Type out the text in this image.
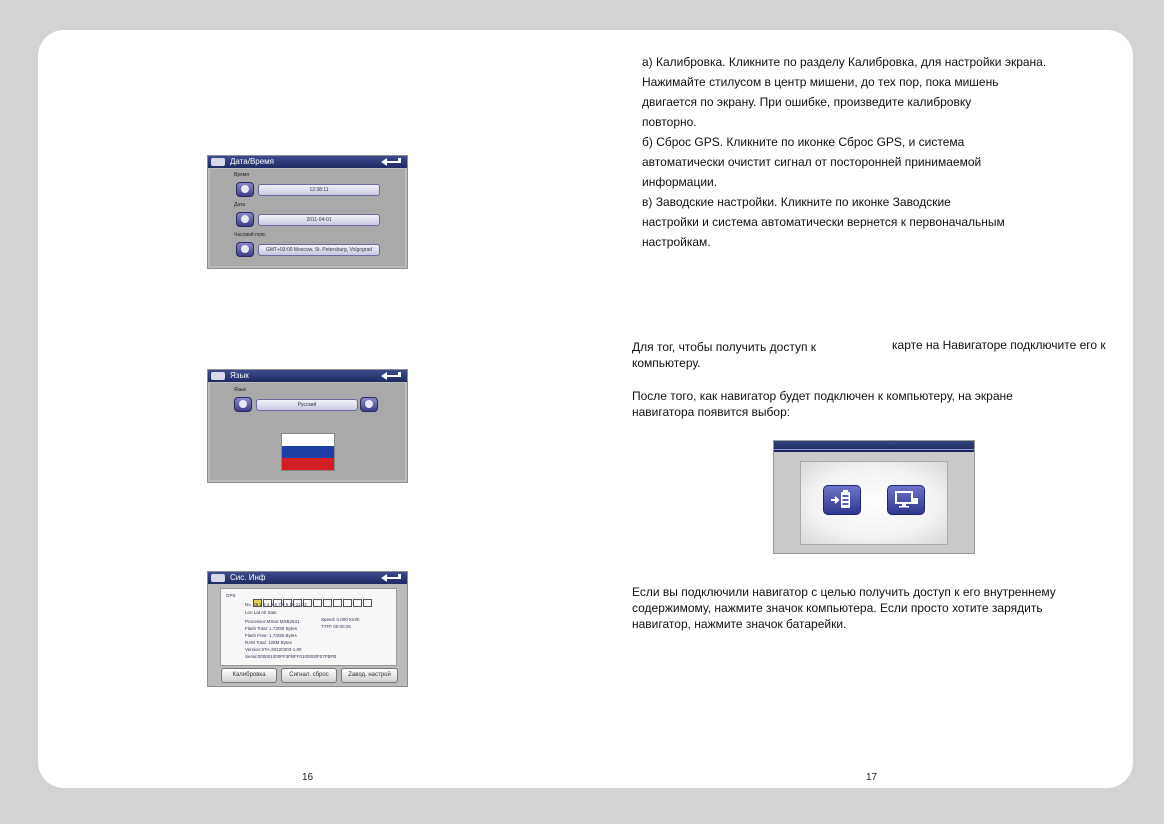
Дата/Время
Время
12:38:11
Дата
2011-04-01
Часовой пояс
GMT+03:00 Moscow, St. Petersburg, Volgograd
Язык
Язык
Русский
Сис. Инф
GPS
No. 26 2 3 4 5 6 7 8 9 10 11 12
Lon Lat Alt Sats
Processor:MStar MSB2531	Speed: 0.000 Km/h
Flash Total: 1.73GB Bytes	TTFF 00:00:25
Flash Free: 1.73GB Bytes
RAM Total: 128M Bytes
Version:STA-20120303-1.00
Serial:000001000FF3FBFF0100000F07FBFB
Калибровка	Сигнал. сброс	Zaвод. настрой
а) Калибровка. Кликните по разделу Калибровка, для настройки экрана.
Нажимайте стилусом в центр мишени, до тех пор, пока мишень
двигается по экрану. При ошибке, произведите калибровку
повторно.
б) Сброс GPS. Кликните по иконке Сброс GPS, и система
автоматически очистит сигнал от посторонней принимаемой
информации.
в) Заводские настройки. Кликните по иконке Заводские
настройки и система автоматически вернется к первоначальным
настройкам.
Для тог, чтобы получить доступ к	карте на Навигаторе подключите его к
компьютеру.
После того, как навигатор будет подключен к компьютеру, на экране
навигатора появится выбор:
Если вы подключили навигатор с целью получить доступ к его внутреннему
содержимому, нажмите значок компьютера. Если просто хотите зарядить
навигатор, нажмите значок батарейки.
16	17
